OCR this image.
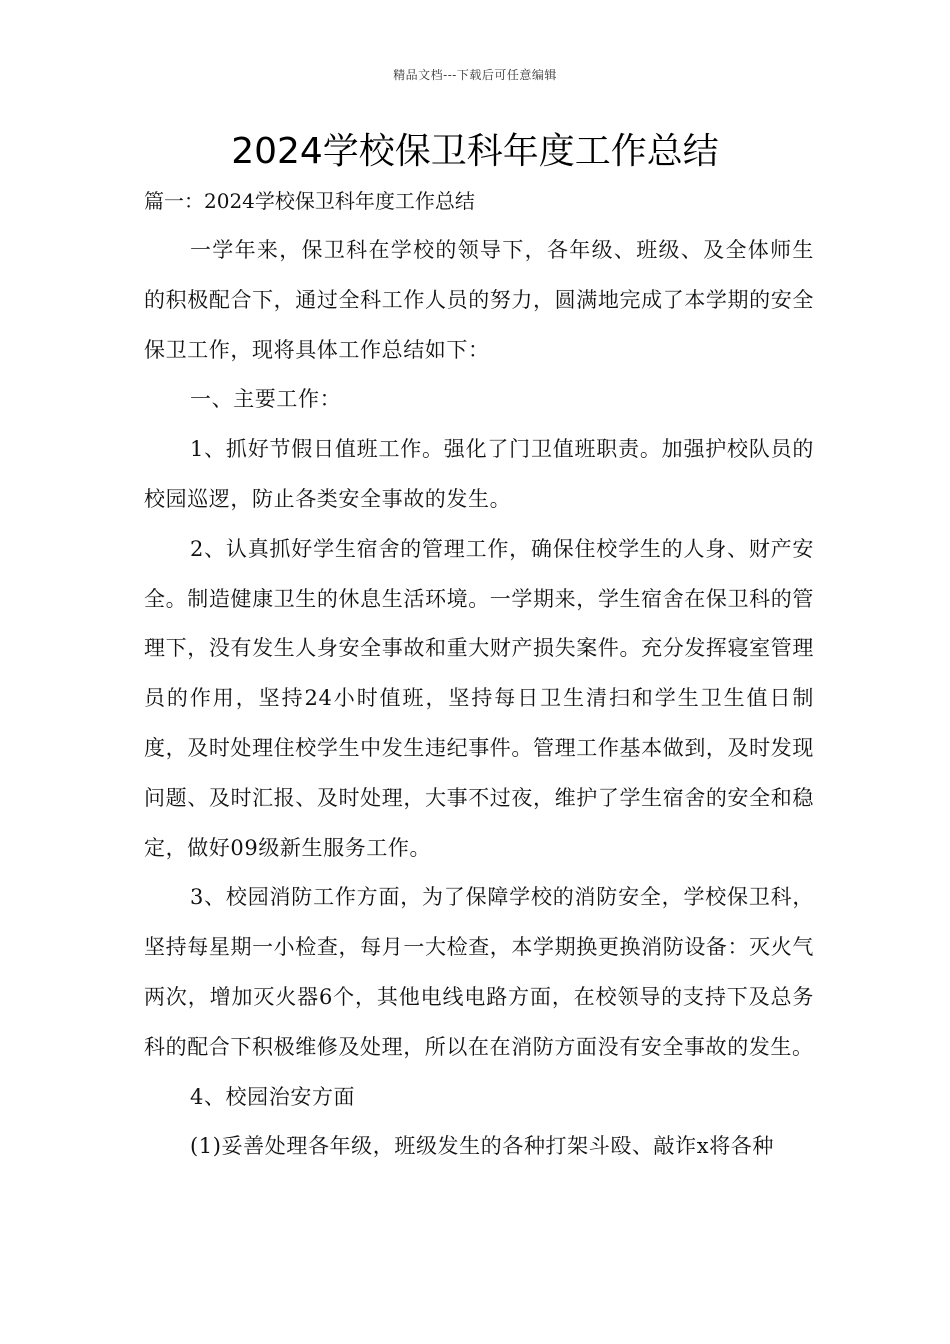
精品文档---下载后可任意编辑
2024学校保卫科年度工作总结

篇一：2024学校保卫科年度工作总结

一学年来，保卫科在学校的领导下，各年级、班级、及全体师生的积极配合下，通过全科工作人员的努力，圆满地完成了本学期的安全保卫工作，现将具体工作总结如下：

一、主要工作：

1、抓好节假日值班工作。强化了门卫值班职责。加强护校队员的校园巡逻，防止各类安全事故的发生。

2、认真抓好学生宿舍的管理工作，确保住校学生的人身、财产安全。制造健康卫生的休息生活环境。一学期来，学生宿舍在保卫科的管理下，没有发生人身安全事故和重大财产损失案件。充分发挥寝室管理员的作用，坚持24小时值班，坚持每日卫生清扫和学生卫生值日制度，及时处理住校学生中发生违纪事件。管理工作基本做到，及时发现问题、及时汇报、及时处理，大事不过夜，维护了学生宿舍的安全和稳定，做好09级新生服务工作。

3、校园消防工作方面，为了保障学校的消防安全，学校保卫科，坚持每星期一小检查，每月一大检查，本学期换更换消防设备：灭火气两次，增加灭火器6个，其他电线电路方面，在校领导的支持下及总务科的配合下积极维修及处理，所以在在消防方面没有安全事故的发生。

4、校园治安方面

(1)妥善处理各年级，班级发生的各种打架斗殴、敲诈x将各种
